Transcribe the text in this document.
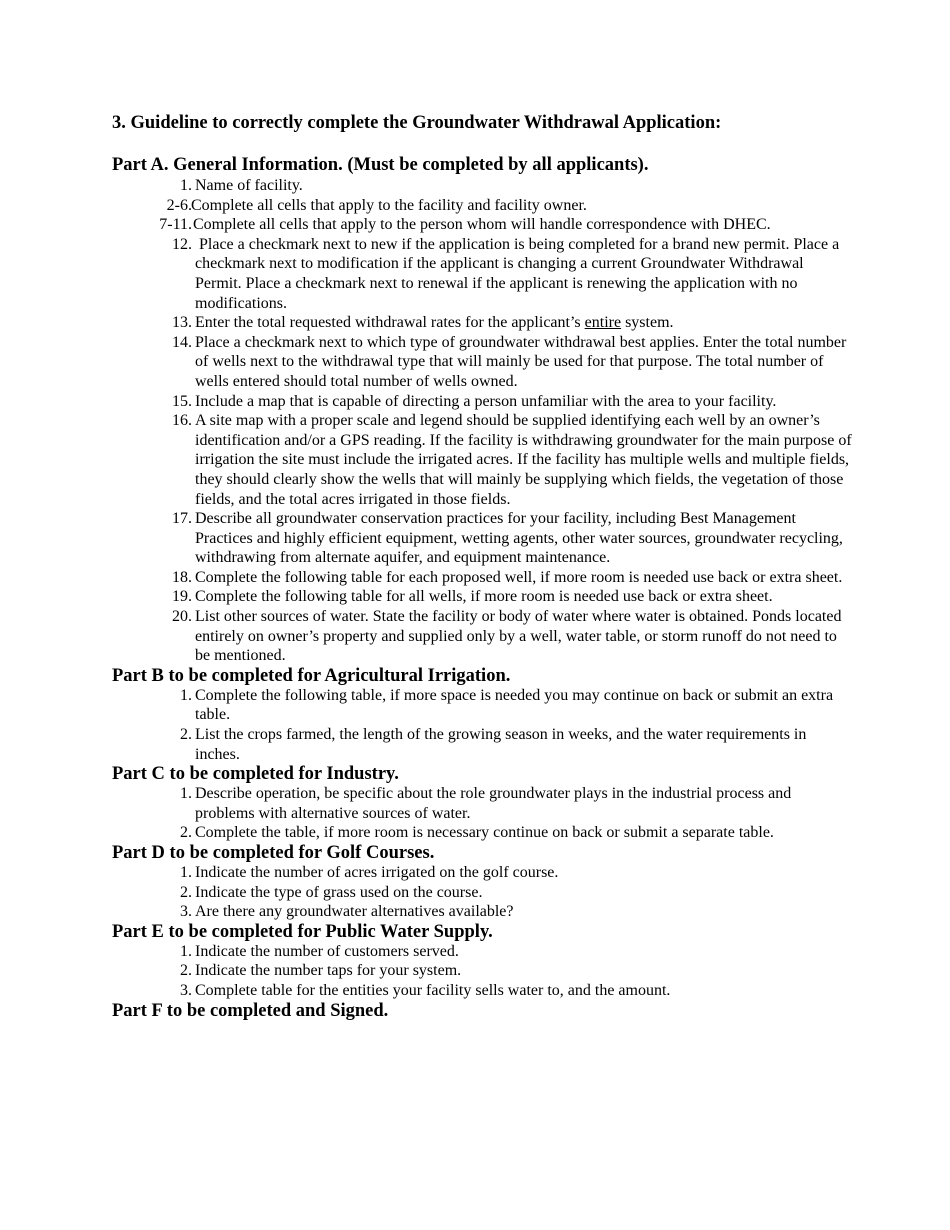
3. Guideline to correctly complete the Groundwater Withdrawal Application:

Part A. General Information. (Must be completed by all applicants).

1. Name of facility.
2-6. Complete all cells that apply to the facility and facility owner.
7-11. Complete all cells that apply to the person whom will handle correspondence with DHEC.
12. Place a checkmark next to new if the application is being completed for a brand new permit. Place a checkmark next to modification if the applicant is changing a current Groundwater Withdrawal Permit. Place a checkmark next to renewal if the applicant is renewing the application with no modifications.
13. Enter the total requested withdrawal rates for the applicant’s entire system.
14. Place a checkmark next to which type of groundwater withdrawal best applies. Enter the total number of wells next to the withdrawal type that will mainly be used for that purpose. The total number of wells entered should total number of wells owned.
15. Include a map that is capable of directing a person unfamiliar with the area to your facility.
16. A site map with a proper scale and legend should be supplied identifying each well by an owner’s identification and/or a GPS reading. If the facility is withdrawing groundwater for the main purpose of irrigation the site must include the irrigated acres. If the facility has multiple wells and multiple fields, they should clearly show the wells that will mainly be supplying which fields, the vegetation of those fields, and the total acres irrigated in those fields.
17. Describe all groundwater conservation practices for your facility, including Best Management Practices and highly efficient equipment, wetting agents, other water sources, groundwater recycling, withdrawing from alternate aquifer, and equipment maintenance.
18. Complete the following table for each proposed well, if more room is needed use back or extra sheet.
19. Complete the following table for all wells, if more room is needed use back or extra sheet.
20. List other sources of water. State the facility or body of water where water is obtained. Ponds located entirely on owner’s property and supplied only by a well, water table, or storm runoff do not need to be mentioned.

Part B to be completed for Agricultural Irrigation.

1. Complete the following table, if more space is needed you may continue on back or submit an extra table.
2. List the crops farmed, the length of the growing season in weeks, and the water requirements in inches.

Part C to be completed for Industry.

1. Describe operation, be specific about the role groundwater plays in the industrial process and problems with alternative sources of water.
2. Complete the table, if more room is necessary continue on back or submit a separate table.

Part D to be completed for Golf Courses.

1. Indicate the number of acres irrigated on the golf course.
2. Indicate the type of grass used on the course.
3. Are there any groundwater alternatives available?

Part E to be completed for Public Water Supply.

1. Indicate the number of customers served.
2. Indicate the number taps for your system.
3. Complete table for the entities your facility sells water to, and the amount.

Part F to be completed and Signed.
